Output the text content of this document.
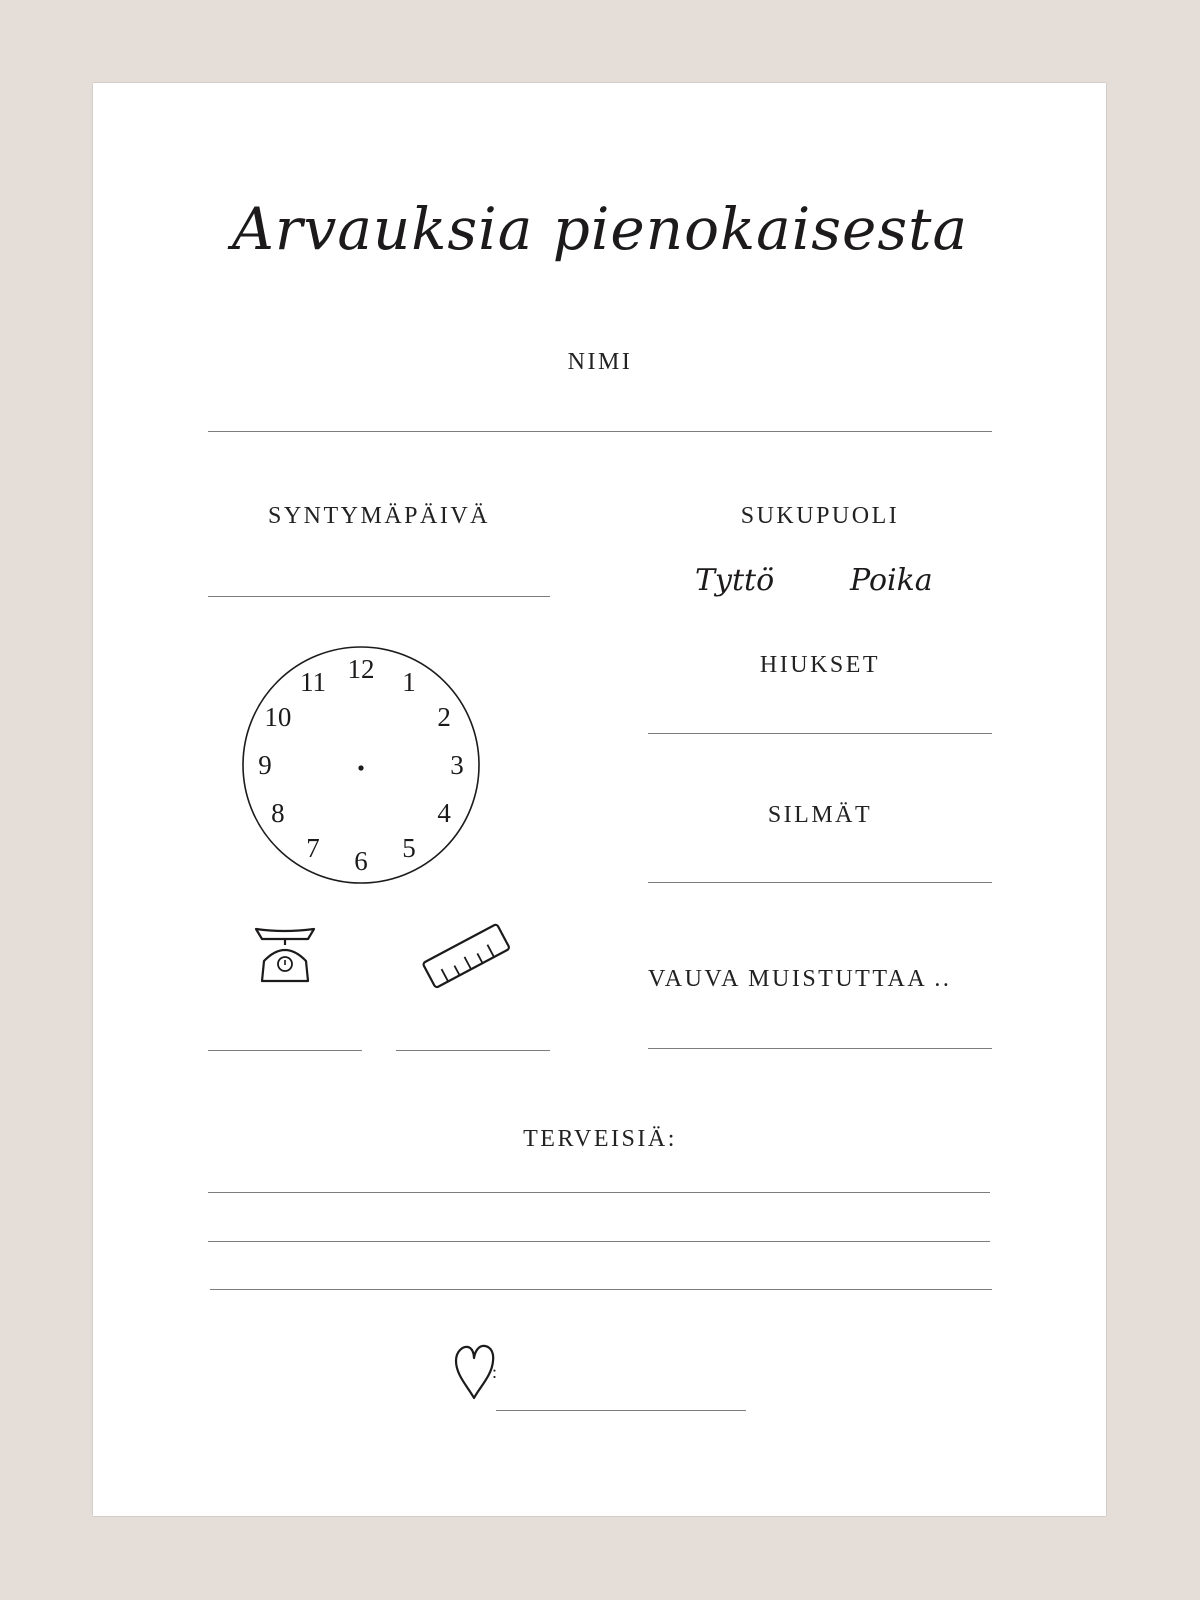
Arvauksia pienokaisesta
NIMI
SYNTYMÄPÄIVÄ	SUKUPUOLI
Tyttö	Poika
HIUKSET
SILMÄT
VAUVA MUISTUTTAA ..
12 1
2
3
4
5
6
7
8
9
10
11
TERVEISIÄ:
:
